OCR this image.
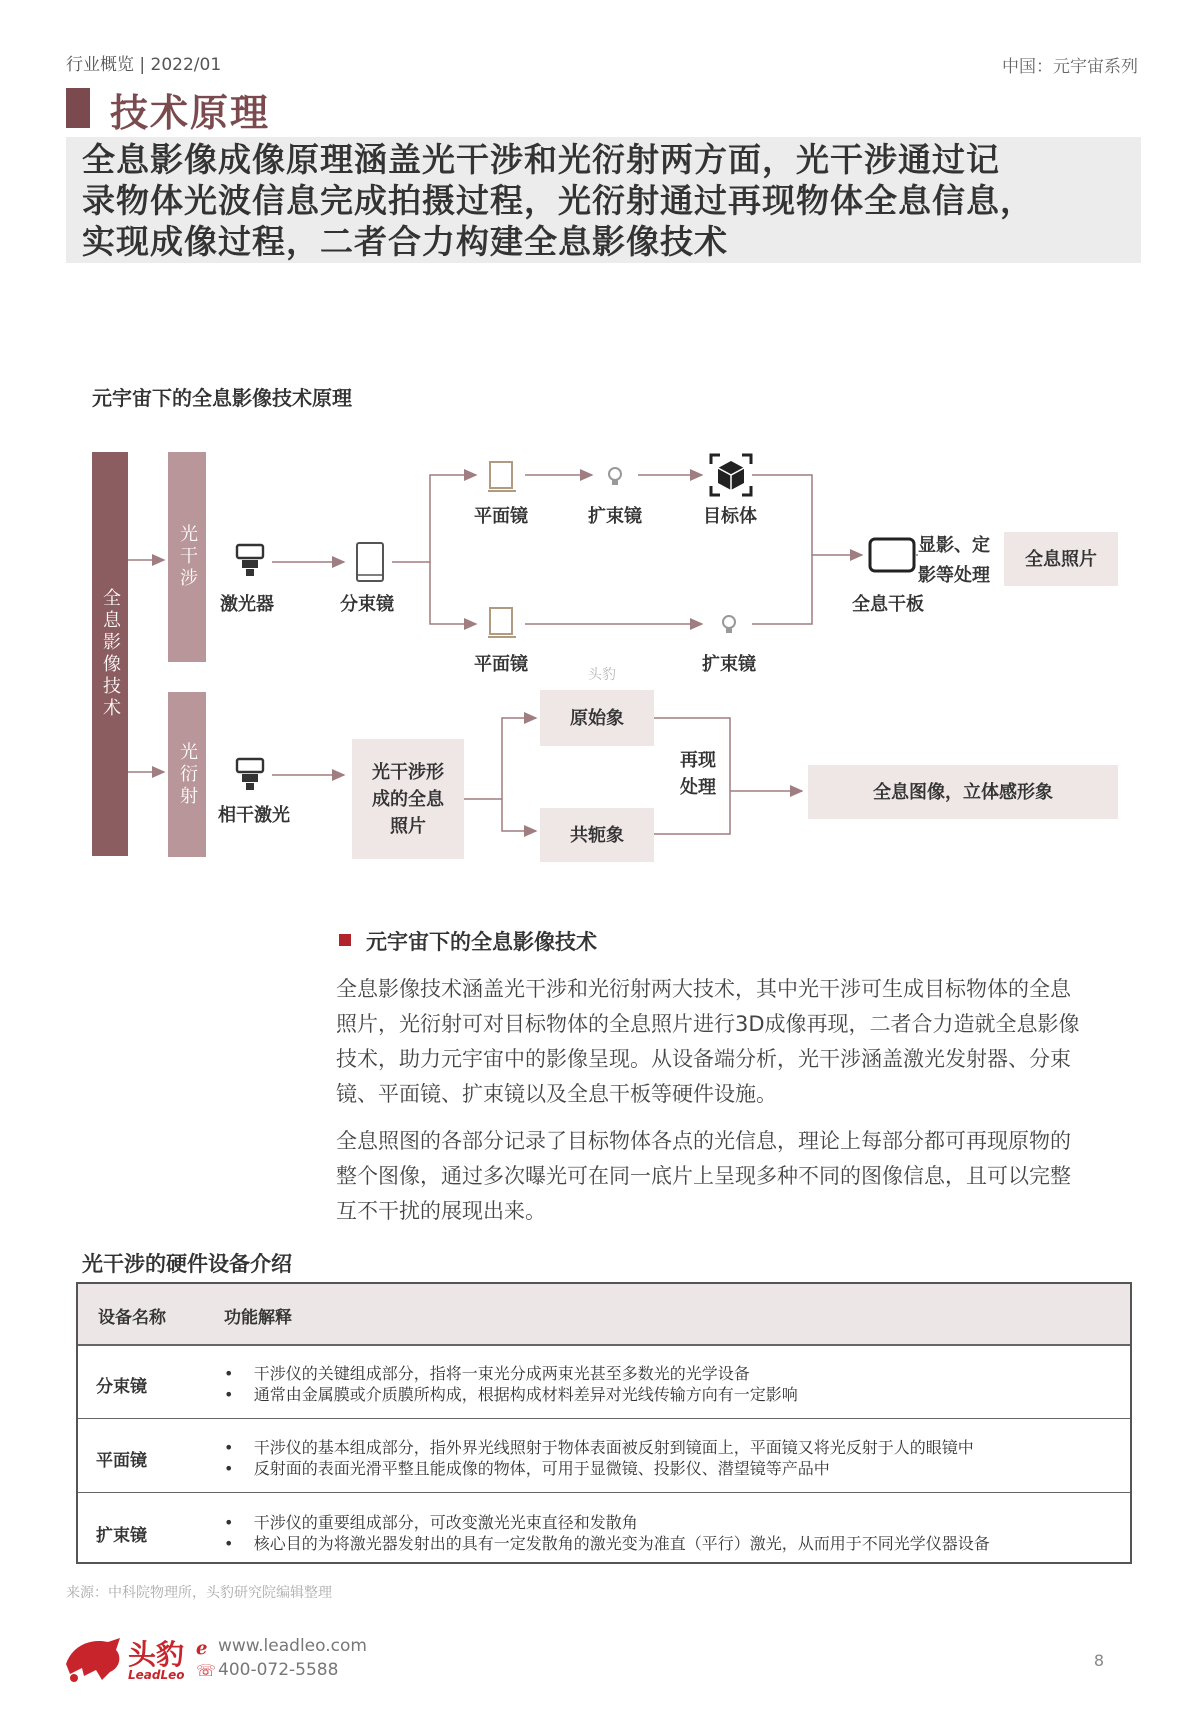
行业概览 | 2022/01	中国：元宇宙系列
技术原理
全息影像成像原理涵盖光干涉和光衍射两方面，光干涉通过记
录物体光波信息完成拍摄过程，光衍射通过再现物体全息信息，
实现成像过程，二者合力构建全息影像技术
元宇宙下的全息影像技术原理
全息影像技术
光干涉
光衍射
激光器	分束镜
平面镜	扩束镜	目标体
平面镜	扩束镜
全息干板
显影、定
影等处理
全息照片
头豹
相干激光
光干涉形
成的全息
照片
原始象
共轭象
再现
处理	全息图像，立体感形象
元宇宙下的全息影像技术
全息影像技术涵盖光干涉和光衍射两大技术，其中光干涉可生成目标物体的全息
照片，光衍射可对目标物体的全息照片进行3D成像再现，二者合力造就全息影像
技术，助力元宇宙中的影像呈现。从设备端分析，光干涉涵盖激光发射器、分束
镜、平面镜、扩束镜以及全息干板等硬件设施。
全息照图的各部分记录了目标物体各点的光信息，理论上每部分都可再现原物的
整个图像，通过多次曝光可在同一底片上呈现多种不同的图像信息，且可以完整
互不干扰的展现出来。
光干涉的硬件设备介绍
设备名称	功能解释
分束镜
•    干涉仪的关键组成部分，指将一束光分成两束光甚至多数光的光学设备
•    通常由金属膜或介质膜所构成，根据构成材料差异对光线传输方向有一定影响
平面镜
•    干涉仪的基本组成部分，指外界光线照射于物体表面被反射到镜面上，平面镜又将光反射于人的眼镜中
•    反射面的表面光滑平整且能成像的物体，可用于显微镜、投影仪、潜望镜等产品中
扩束镜
•    干涉仪的重要组成部分，可改变激光光束直径和发散角
•    核心目的为将激光器发射出的具有一定发散角的激光变为准直（平行）激光，从而用于不同光学仪器设备
来源：中科院物理所，头豹研究院编辑整理
头豹
LeadLeo
ℯ
☏
www.leadleo.com
400-072-5588	8
